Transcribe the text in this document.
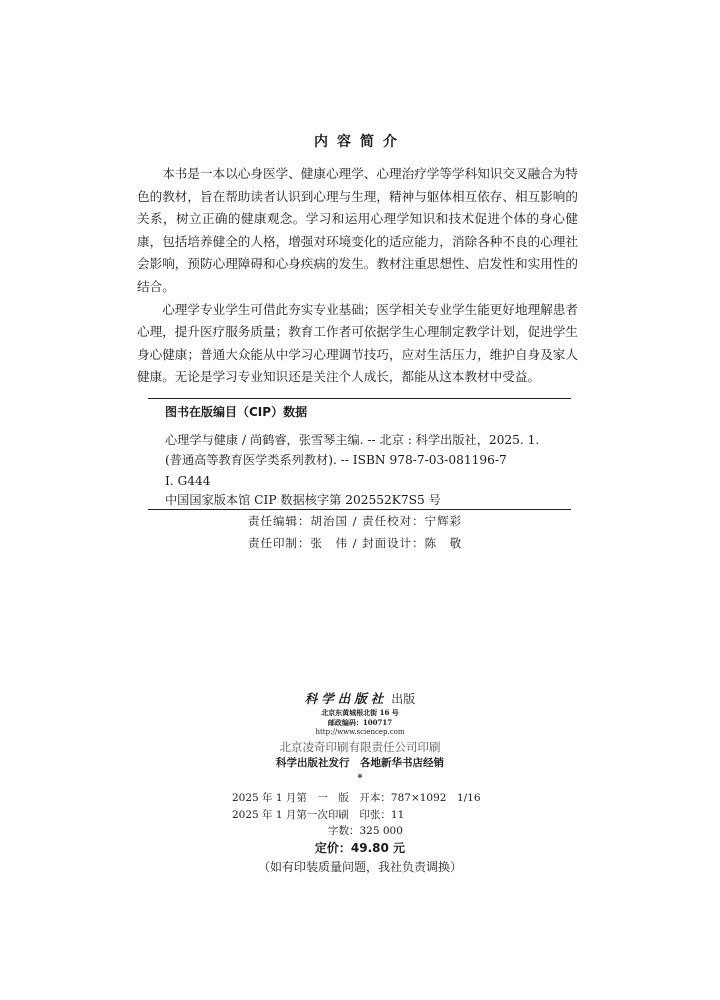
内容简介

本书是一本以心身医学、健康心理学、心理治疗学等学科知识交叉融合为特色的教材，旨在帮助读者认识到心理与生理，精神与躯体相互依存、相互影响的关系，树立正确的健康观念。学习和运用心理学知识和技术促进个体的身心健康，包括培养健全的人格，增强对环境变化的适应能力，消除各种不良的心理社会影响，预防心理障碍和心身疾病的发生。教材注重思想性、启发性和实用性的结合。

心理学专业学生可借此夯实专业基础；医学相关专业学生能更好地理解患者心理，提升医疗服务质量；教育工作者可依据学生心理制定教学计划，促进学生身心健康；普通大众能从中学习心理调节技巧，应对生活压力，维护自身及家人健康。无论是学习专业知识还是关注个人成长，都能从这本教材中受益。

图书在版编目（CIP）数据
心理学与健康 / 尚鹤睿，张雪琴主编. -- 北京 : 科学出版社，2025. 1.
(普通高等教育医学类系列教材). -- ISBN 978-7-03-081196-7
Ⅰ. G444
中国国家版本馆 CIP 数据核字第 202552K7S5 号
责任编辑：胡治国 / 责任校对：宁辉彩
责任印制：张　伟 / 封面设计：陈　敬
科学出版社 出版
北京东黄城根北街 16 号
邮政编码：100717
http://www.sciencep.com
北京凌奇印刷有限责任公司印刷
科学出版社发行　各地新华书店经销
*
2025 年 1 月第　一　版　开本：787×1092　1/16
2025 年 1 月第一次印刷　印张：11
字数：325 000
定价：49.80 元
（如有印装质量问题，我社负责调换）
